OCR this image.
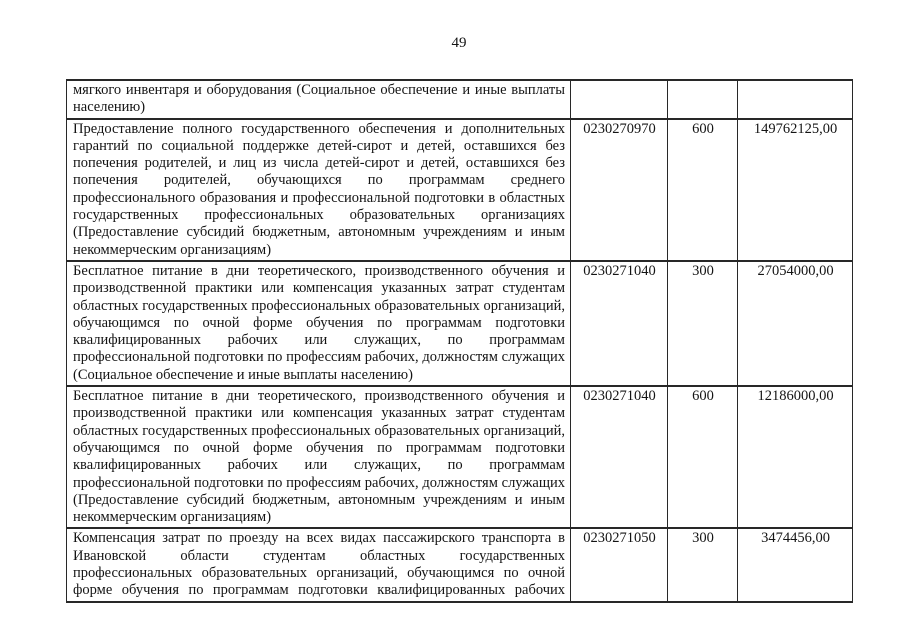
49
мягкого инвентаря и оборудования (Социальное обеспечение и иные выплаты населению)			
Предоставление полного государственного обеспечения и дополнительных гарантий по социальной поддержке детей-сирот и детей, оставшихся без попечения родителей, и лиц из числа детей-сирот и детей, оставшихся без попечения родителей, обучающихся по программам среднего профессионального образования и профессиональной подготовки в областных государственных профессиональных образовательных организациях (Предоставление субсидий бюджетным, автономным учреждениям и иным некоммерческим организациям)	0230270970	600	149762125,00
Бесплатное питание в дни теоретического, производственного обучения и производственной практики или компенсация указанных затрат студентам областных государственных профессиональных образовательных организаций, обучающимся по очной форме обучения по программам подготовки квалифицированных рабочих или служащих, по программам профессиональной подготовки по профессиям рабочих, должностям служащих (Социальное обеспечение и иные выплаты населению)	0230271040	300	27054000,00
Бесплатное питание в дни теоретического, производственного обучения и производственной практики или компенсация указанных затрат студентам областных государственных профессиональных образовательных организаций, обучающимся по очной форме обучения по программам подготовки квалифицированных рабочих или служащих, по программам профессиональной подготовки по профессиям рабочих, должностям служащих (Предоставление субсидий бюджетным, автономным учреждениям и иным некоммерческим организациям)	0230271040	600	12186000,00
Компенсация затрат по проезду на всех видах пассажирского транспорта в Ивановской области студентам областных государственных профессиональных образовательных организаций, обучающимся по очной форме обучения по программам подготовки квалифицированных рабочих	0230271050	300	3474456,00
